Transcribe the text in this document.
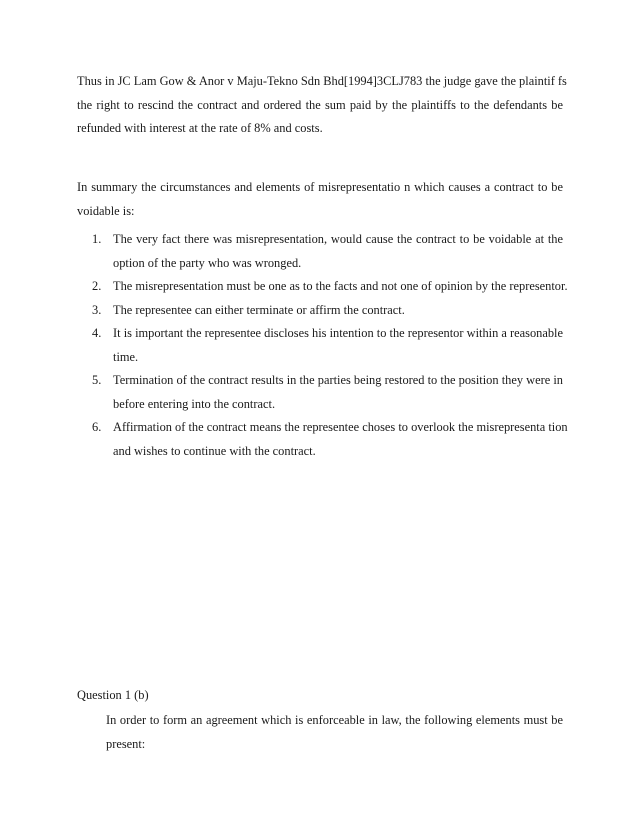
Thus in JC Lam Gow & Anor v Maju-Tekno Sdn Bhd[1994]3CLJ783 the judge gave the plaintif fs
the right to rescind the contract and ordered the sum paid by the plaintiffs to the defendants be
refunded with interest at the rate of 8% and costs.
In summary the circumstances and elements of misrepresentatio n which causes a contract to be
voidable is:
1. The very fact there was misrepresentation, would cause the contract to be voidable at the
option of the party who was wronged.
2. The misrepresentation must be one as to the facts and not one of opinion by the representor.
3. The representee can either terminate or affirm the contract.
4. It is important the representee discloses his intention to the representor within a reasonable
time.
5. Termination of the contract results in the parties being restored to the position they were in
before entering into the contract.
6. Affirmation of the contract means the representee choses to overlook the misrepresenta tion
and wishes to continue with the contract.
Question 1 (b)
In order to form an agreement which is enforceable in law, the following elements must be
present:
